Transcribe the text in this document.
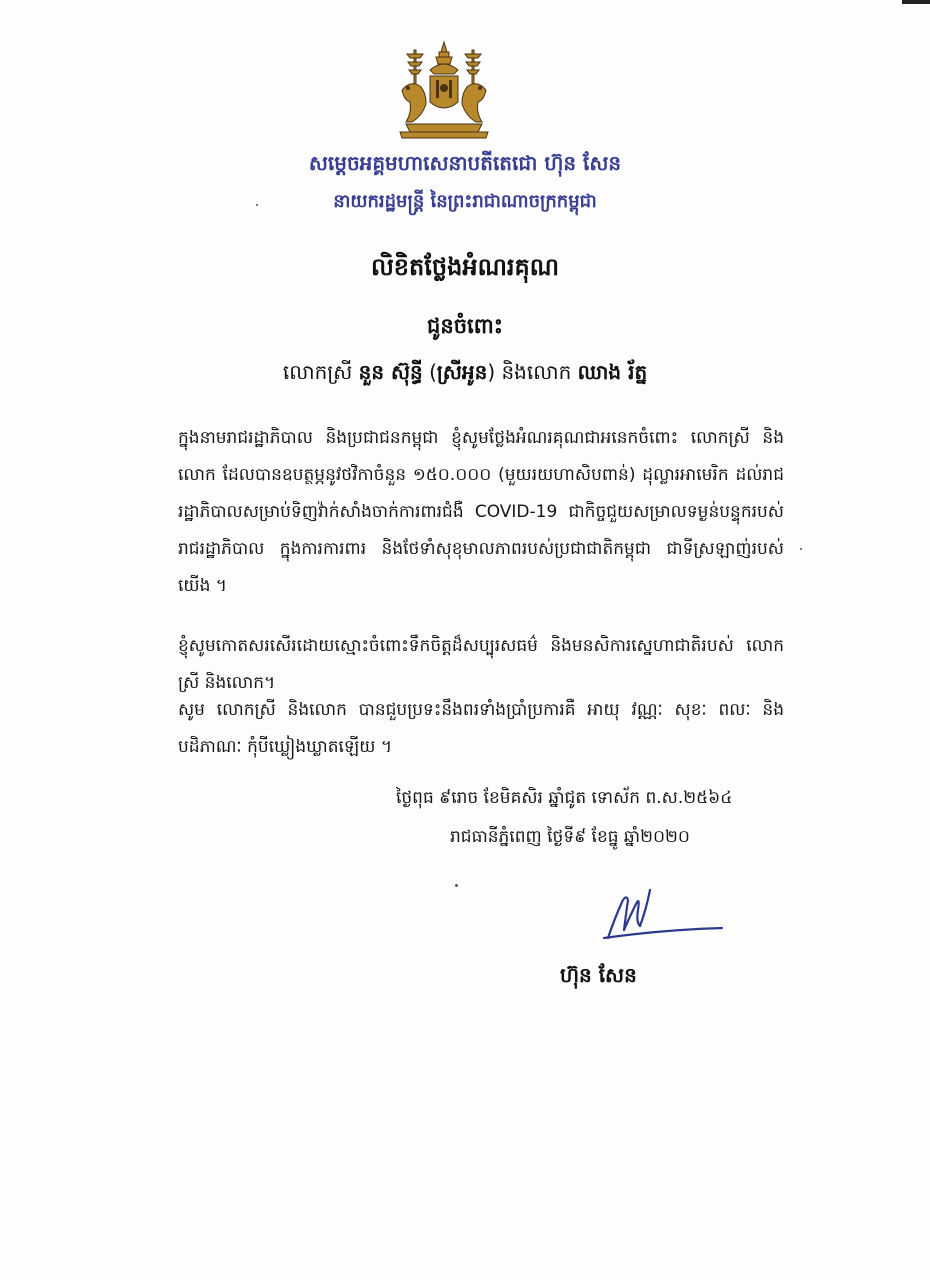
សម្ដេចអគ្គមហាសេនាបតីតេជោ ហ៊ុន សែន
នាយករដ្ឋមន្ត្រី នៃព្រះរាជាណាចក្រកម្ពុជា
លិខិតថ្លែងអំណរគុណ
ជូនចំពោះ
លោកស្រី នួន ស៊ុន្ធី (ស្រីអូន) និងលោក ឈាង រ័ត្ន
ក្នុងនាមរាជរដ្ឋាភិបាល និងប្រជាជនកម្ពុជា ខ្ញុំសូមថ្លែងអំណរគុណជាអនេកចំពោះ លោកស្រី និងលោក ដែលបានឧបត្ថម្ភនូវថវិកាចំនួន ១៥០.០០០ (មួយរយហាសិបពាន់) ដុល្លារអាមេរិក ដល់រាជរដ្ឋាភិបាលសម្រាប់ទិញវ៉ាក់សាំងចាក់ការពារជំងឺ COVID-19 ជាកិច្ចជួយសម្រាលទម្ងន់បន្ទុករបស់រាជរដ្ឋាភិបាល ក្នុងការការពារ និងថែទាំសុខុមាលភាពរបស់ប្រជាជាតិកម្ពុជា ជាទីស្រឡាញ់របស់យើង ។
ខ្ញុំសូមកោតសរសើរដោយស្មោះចំពោះទឹកចិត្តដ៏សប្បុរសធម៌ និងមនសិការស្នេហាជាតិរបស់ លោកស្រី និងលោក។
សូម លោកស្រី និងលោក បានជួបប្រទះនឹងពរទាំងប្រាំប្រការគឺ អាយុ វណ្ណៈ សុខៈ ពលៈ និងបដិភាណៈ កុំបីឃ្លៀងឃ្លាតឡើយ ។
ថ្ងៃពុធ ៩រោច ខែមិគសិរ ឆ្នាំជូត ទោស័ក ព.ស.២៥៦៤
រាជធានីភ្នំពេញ ថ្ងៃទី៩ ខែធ្នូ ឆ្នាំ២០២០
ហ៊ុន សែន
